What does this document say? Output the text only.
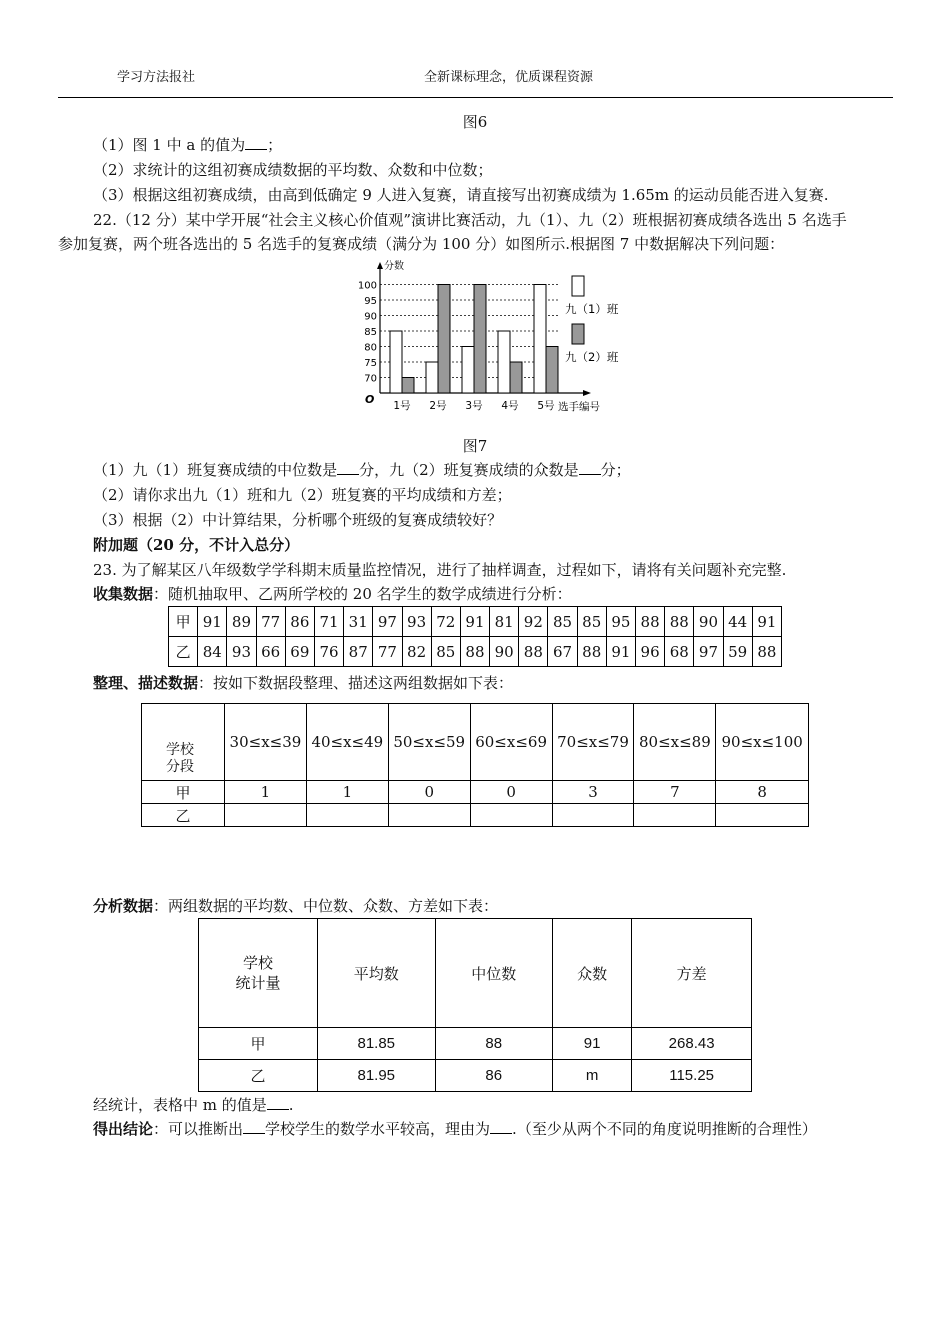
学习方法报社	全新课标理念，优质课程资源
图6
（1）图 1 中 a 的值为 ；
（2）求统计的这组初赛成绩数据的平均数、众数和中位数；
（3）根据这组初赛成绩，由高到低确定 9 人进入复赛，请直接写出初赛成绩为 1.65m 的运动员能否进入复赛.
22.（12 分）某中学开展“社会主义核心价值观”演讲比赛活动，九（1）、九（2）班根据初赛成绩各选出 5 名选手
参加复赛，两个班各选出的 5 名选手的复赛成绩（满分为 100 分）如图所示.根据图 7 中数据解决下列问题：
分数
O
70
75
80
85
90
95
100
1号 2号 3号 4号 5号 选手编号
九（1）班
九（2）班
图7
（1）九（1）班复赛成绩的中位数是 分，九（2）班复赛成绩的众数是 分；
（2）请你求出九（1）班和九（2）班复赛的平均成绩和方差；
（3）根据（2）中计算结果，分析哪个班级的复赛成绩较好？
附加题（20 分，不计入总分）
23. 为了解某区八年级数学学科期末质量监控情况，进行了抽样调查，过程如下，请将有关问题补充完整.
收集数据：随机抽取甲、乙两所学校的 20 名学生的数学成绩进行分析：
甲	91	89	77	86	71	31	97	93	72	91	81	92	85	85	95	88	88	90	44	91
乙	84	93	66	69	76	87	77	82	85	88	90	88	67	88	91	96	68	97	59	88
整理、描述数据：按如下数据段整理、描述这两组数据如下表：
学校
分段	30≤x≤39	40≤x≤49	50≤x≤59	60≤x≤69	70≤x≤79	80≤x≤89	90≤x≤100
甲	1	1	0	0	3	7	8
乙							
分析数据：两组数据的平均数、中位数、众数、方差如下表：
学校
统计量	平均数	中位数	众数	方差
甲	81.85	88	91	268.43
乙	81.95	86	m	115.25
经统计，表格中 m 的值是 .
得出结论：可以推断出 学校学生的数学水平较高，理由为 .（至少从两个不同的角度说明推断的合理性）
